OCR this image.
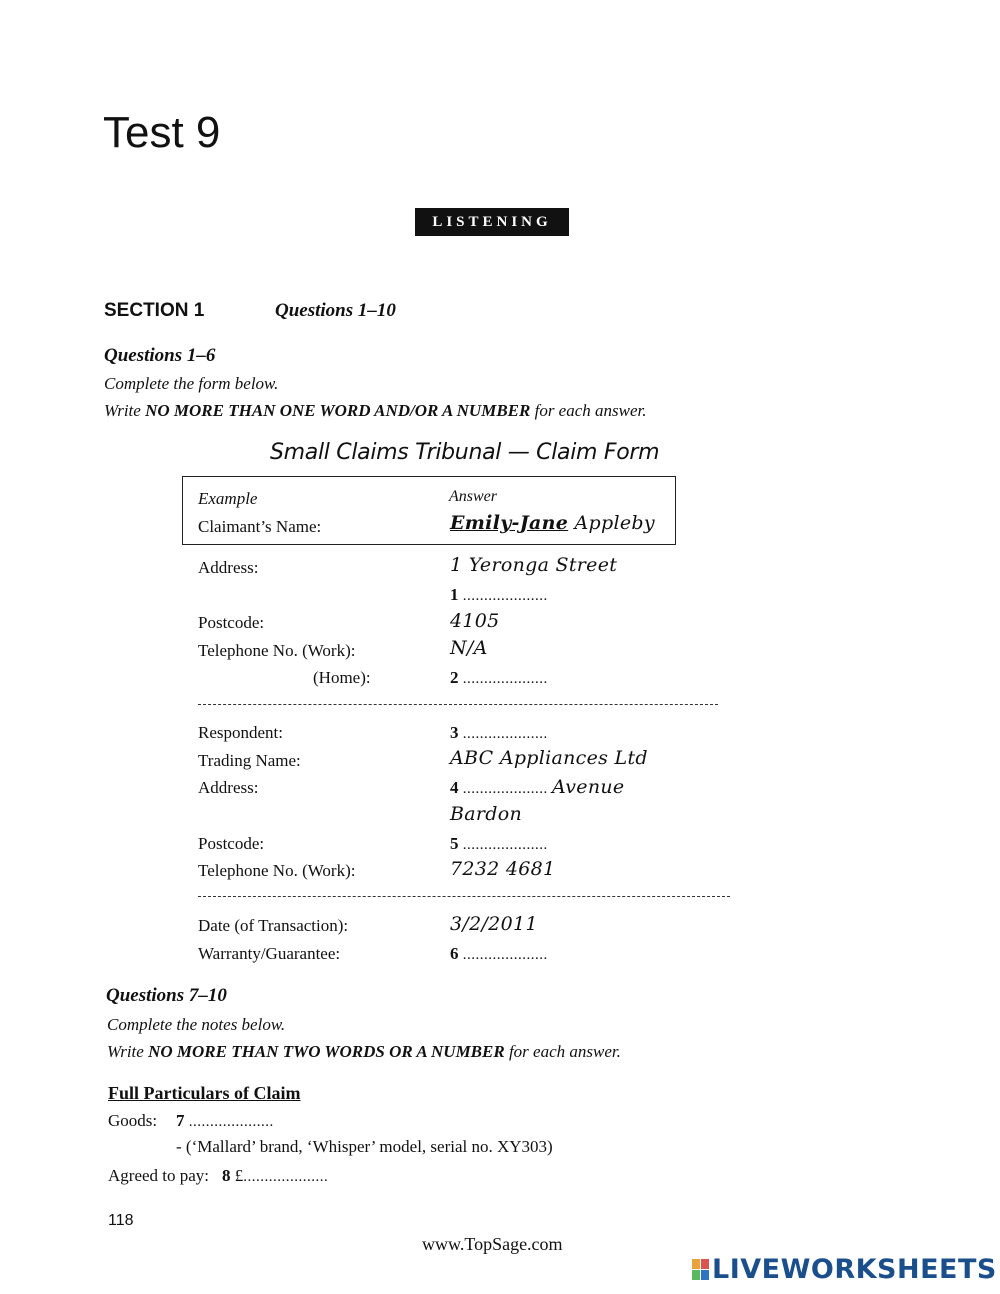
Test 9
LISTENING
SECTION 1	Questions 1–10
Questions 1–6
Complete the form below.
Write NO MORE THAN ONE WORD AND/OR A NUMBER for each answer.
Small Claims Tribunal — Claim Form
Example	Answer
Claimant’s Name:	Emily-Jane Appleby
Address:	1 Yeronga Street
1 ....................
Postcode:	4105
Telephone No. (Work):	N/A
(Home):	2 ....................
Respondent:	3 ....................
Trading Name:	ABC Appliances Ltd
Address:	4 .................... Avenue
Bardon
Postcode:	5 ....................
Telephone No. (Work):	7232 4681
Date (of Transaction):	3/2/2011
Warranty/Guarantee:	6 ....................
Questions 7–10
Complete the notes below.
Write NO MORE THAN TWO WORDS OR A NUMBER for each answer.
Full Particulars of Claim
Goods: 7 ....................
- (‘Mallard’ brand, ‘Whisper’ model, serial no. XY303)
Agreed to pay: 8 £....................
118
www.TopSage.com
LIVEWORKSHEETS
